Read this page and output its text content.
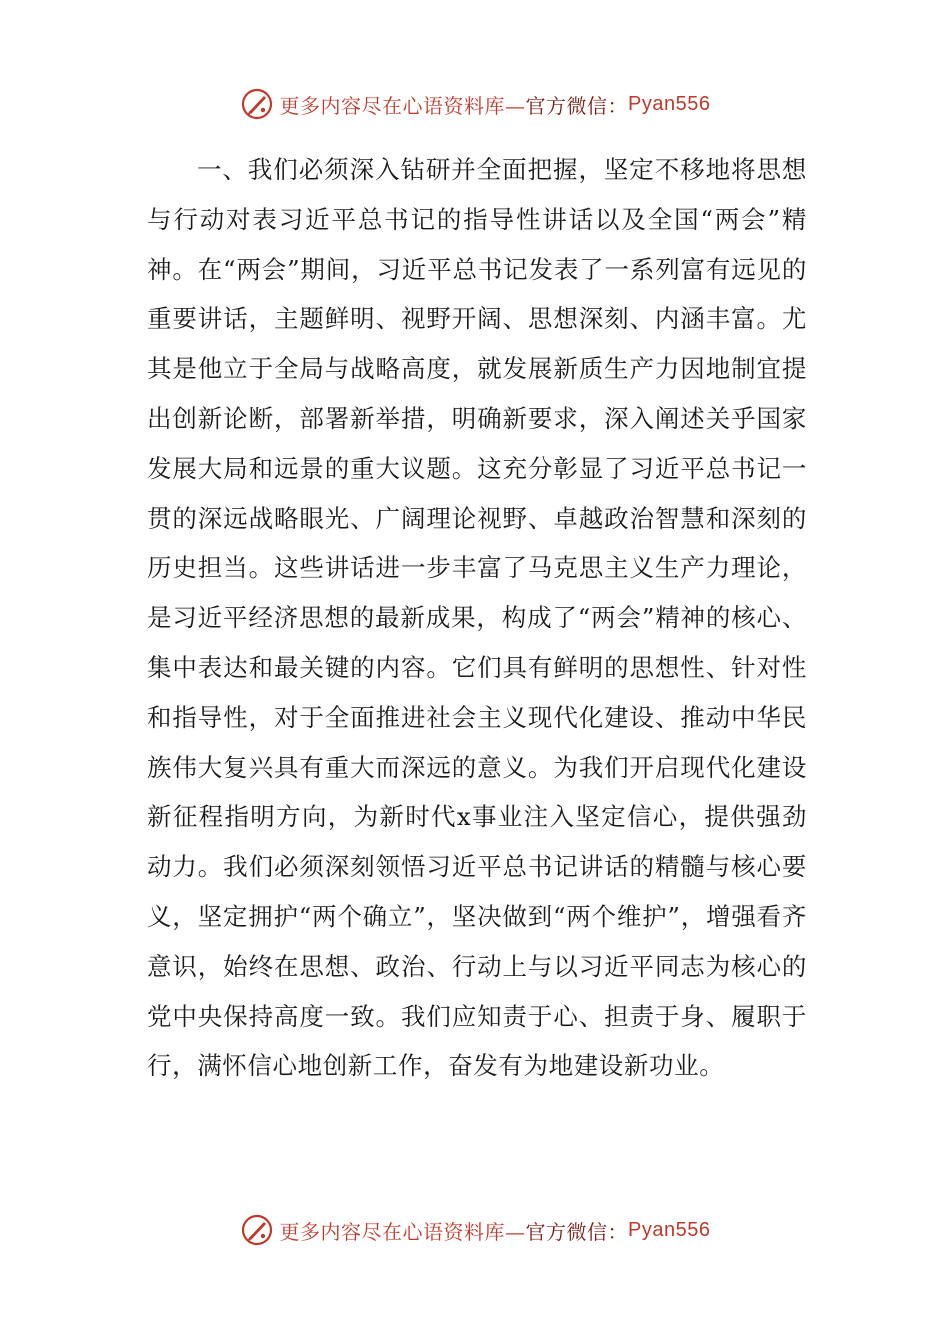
更多内容尽在心语资料库— 官方微信： Pyan556

一、我们必须深入钻研并全面把握，坚定不移地将思想与行动对表习近平总书记的指导性讲话以及全国“两会”精神。在“两会”期间，习近平总书记发表了一系列富有远见的重要讲话，主题鲜明、视野开阔、思想深刻、内涵丰富。尤其是他立于全局与战略高度，就发展新质生产力因地制宜提出创新论断，部署新举措，明确新要求，深入阐述关乎国家发展大局和远景的重大议题。这充分彰显了习近平总书记一贯的深远战略眼光、广阔理论视野、卓越政治智慧和深刻的历史担当。这些讲话进一步丰富了马克思主义生产力理论，是习近平经济思想的最新成果，构成了“两会”精神的核心、集中表达和最关键的内容。它们具有鲜明的思想性、针对性和指导性，对于全面推进社会主义现代化建设、推动中华民族伟大复兴具有重大而深远的意义。为我们开启现代化建设新征程指明方向，为新时代x事业注入坚定信心，提供强劲动力。我们必须深刻领悟习近平总书记讲话的精髓与核心要义，坚定拥护“两个确立”，坚决做到“两个维护”，增强看齐意识，始终在思想、政治、行动上与以习近平同志为核心的党中央保持高度一致。我们应知责于心、担责于身、履职于行，满怀信心地创新工作，奋发有为地建设新功业。

更多内容尽在心语资料库— 官方微信： Pyan556
